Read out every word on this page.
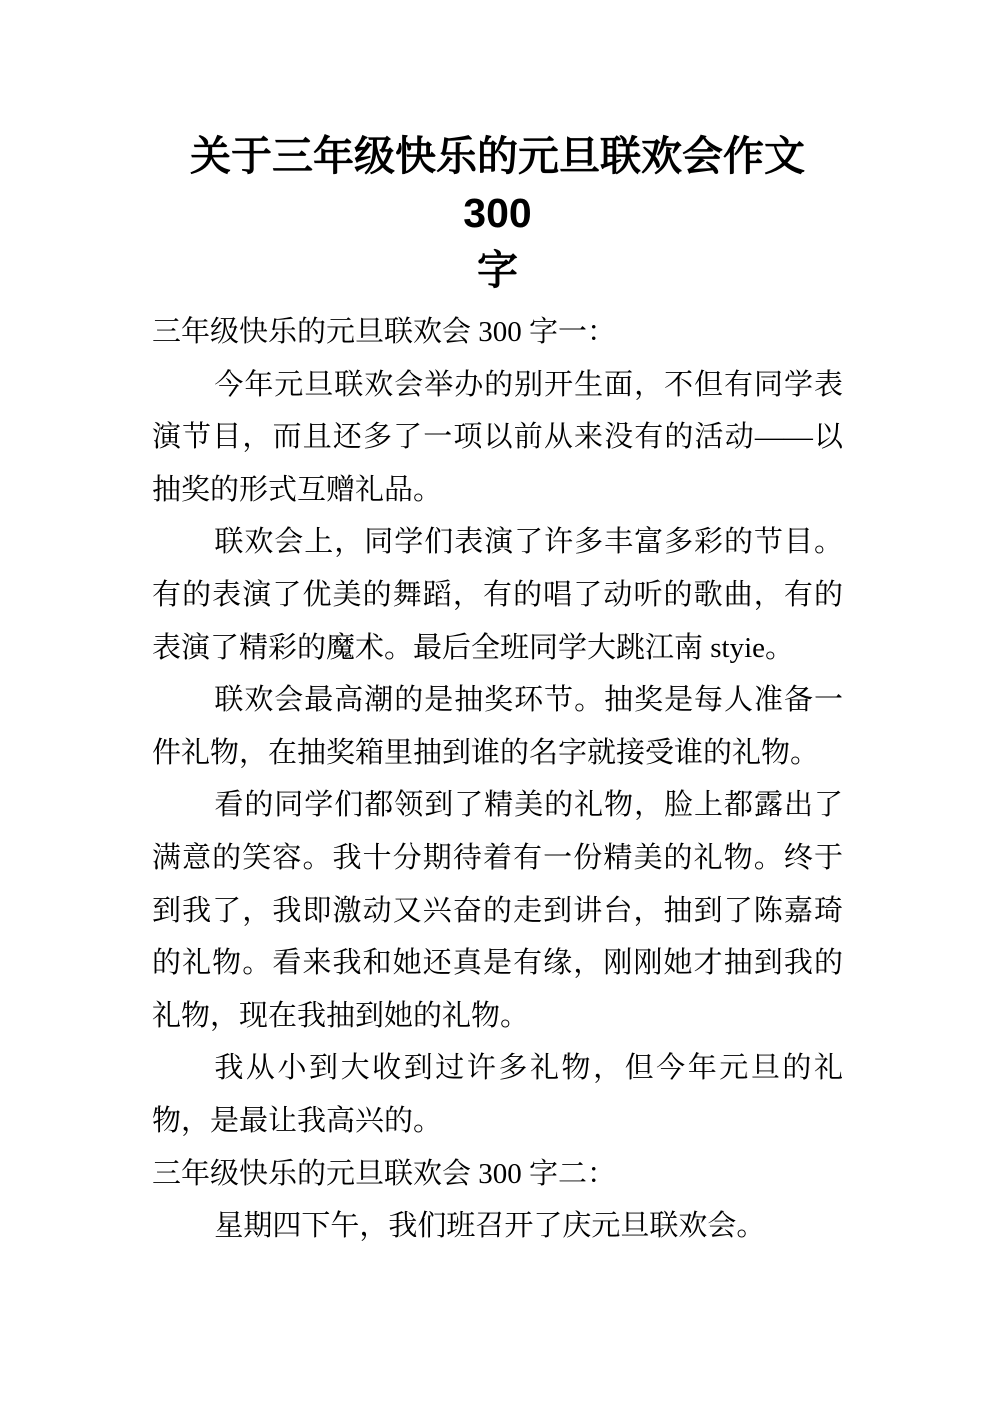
关于三年级快乐的元旦联欢会作文 300
字

三年级快乐的元旦联欢会 300 字一：

今年元旦联欢会举办的别开生面，不但有同学表演节目，而且还多了一项以前从来没有的活动——以抽奖的形式互赠礼品。

联欢会上，同学们表演了许多丰富多彩的节目。有的表演了优美的舞蹈，有的唱了动听的歌曲，有的表演了精彩的魔术。最后全班同学大跳江南 styie。

联欢会最高潮的是抽奖环节。抽奖是每人准备一件礼物，在抽奖箱里抽到谁的名字就接受谁的礼物。

看的同学们都领到了精美的礼物，脸上都露出了满意的笑容。我十分期待着有一份精美的礼物。终于到我了，我即激动又兴奋的走到讲台，抽到了陈嘉琦的礼物。看来我和她还真是有缘，刚刚她才抽到我的礼物，现在我抽到她的礼物。

我从小到大收到过许多礼物，但今年元旦的礼物，是最让我高兴的。

三年级快乐的元旦联欢会 300 字二：

星期四下午，我们班召开了庆元旦联欢会。
